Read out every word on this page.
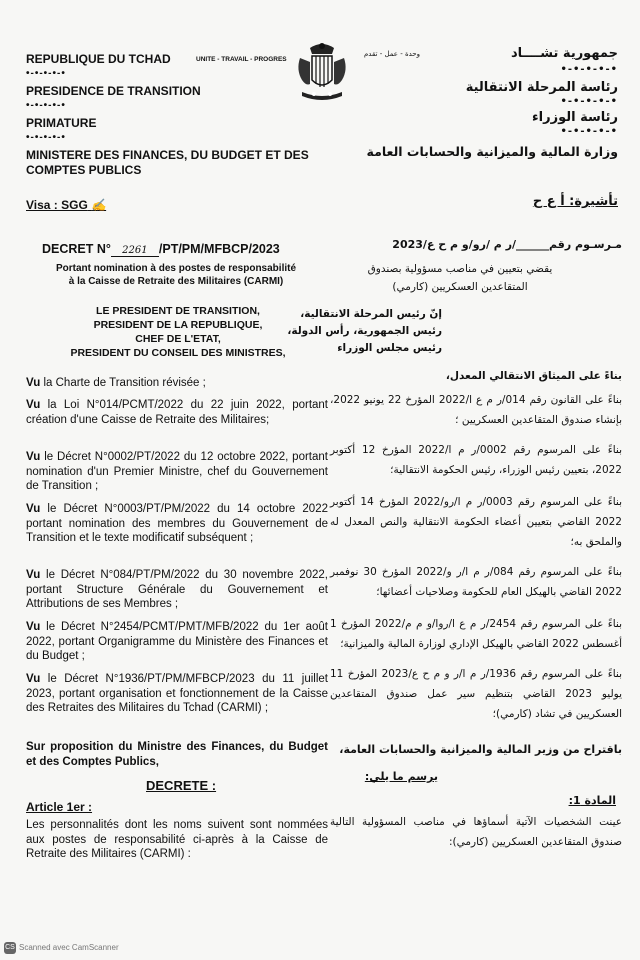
REPUBLIQUE DU TCHAD	UNITE - TRAVAIL - PROGRES
•-•-•-•-•
PRESIDENCE DE TRANSITION
•-•-•-•-•
PRIMATURE
•-•-•-•-•
MINISTERE DES FINANCES, DU BUDGET ET DES
COMPTES PUBLICS
جمهورية تشــــاد
وحدة - عمل - تقدم
•-•-•-•-•
رئاسة المرحلة الانتقالية
•-•-•-•-•
رئاسة الوزراء
•-•-•-•-•
وزارة المالية والميزانية والحسابات العامة
Visa : SGG ✍	تأشيرة: أ ع ح
DECRET N° 2261 /PT/PM/MFBCP/2023
Portant nomination à des postes de responsabilité
à la Caisse de Retraite des Militaires (CARMI)
مـرسـوم رقم______/ر م /رو/و م ح ع/2023
يقضي بتعيين في مناصب مسؤولية بصندوق
المتقاعدين العسكريين (كارمي)
LE PRESIDENT DE TRANSITION,
PRESIDENT DE LA REPUBLIQUE,
CHEF DE L'ETAT,
PRESIDENT DU CONSEIL DES MINISTRES,
إنّ رئيس المرحلة الانتقالية،
رئيس الجمهورية، رأس الدولة،
رئيس مجلس الوزراء
Vu la Charte de Transition révisée ;
Vu la Loi N°014/PCMT/2022 du 22 juin 2022, portant création d'une Caisse de Retraite des Militaires;
Vu le Décret N°0002/PT/2022 du 12 octobre 2022, portant nomination d'un Premier Ministre, chef du Gouvernement de Transition ;
Vu le Décret N°0003/PT/PM/2022 du 14 octobre 2022 portant nomination des membres du Gouvernement de Transition et le texte modificatif subséquent ;
Vu le Décret N°084/PT/PM/2022 du 30 novembre 2022, portant Structure Générale du Gouvernement et Attributions de ses Membres ;
Vu le Décret N°2454/PCMT/PMT/MFB/2022 du 1er août 2022, portant Organigramme du Ministère des Finances et du Budget ;
Vu le Décret N°1936/PT/PM/MFBCP/2023 du 11 juillet 2023, portant organisation et fonctionnement de la Caisse des Retraites des Militaires du Tchad (CARMI) ;
Sur proposition du Ministre des Finances, du Budget et des Comptes Publics,
DECRETE :
Article 1er :
Les personnalités dont les noms suivent sont nommées aux postes de responsabilité ci-après à la Caisse de Retraite des Militaires (CARMI) :
بناءً على الميثاق الانتقالي المعدل،
بناءً على القانون رقم 014/ر م ع ا/2022 المؤرخ 22 يونيو 2022، بإنشاء صندوق المتقاعدين العسكريين ؛
بناءً على المرسوم رقم 0002/ر م ا/2022 المؤرخ 12 أكتوبر 2022، بتعيين رئيس الوزراء، رئيس الحكومة الانتقالية؛
بناءً على المرسوم رقم 0003/ر م ا/رو/2022 المؤرخ 14 أكتوبر 2022 القاضي بتعيين أعضاء الحكومة الانتقالية والنص المعدل له والملحق به؛
بناءً على المرسوم رقم 084/ر م ا/ر و/2022 المؤرخ 30 نوفمبر 2022 القاضي بالهيكل العام للحكومة وصلاحيات أعضائها؛
بناءً على المرسوم رقم 2454/ر م ع ا/روا/و م م/2022 المؤرخ 1 أغسطس 2022 القاضي بالهيكل الإداري لوزارة المالية والميزانية؛
بناءً على المرسوم رقم 1936/ر م ا/ر و م ح ع/2023 المؤرخ 11 يوليو 2023 القاضي بتنظيم سير عمل صندوق المتقاعدين العسكريين في تشاد (كارمي)؛
باقتراح من وزير المالية والميزانية والحسابات العامة،
يرسم ما يلي:
المادة 1:
عينت الشخصيات الآتية أسماؤها في مناصب المسؤولية التالية صندوق المتقاعدين العسكريين (كارمي):
CS Scanned avec CamScanner
